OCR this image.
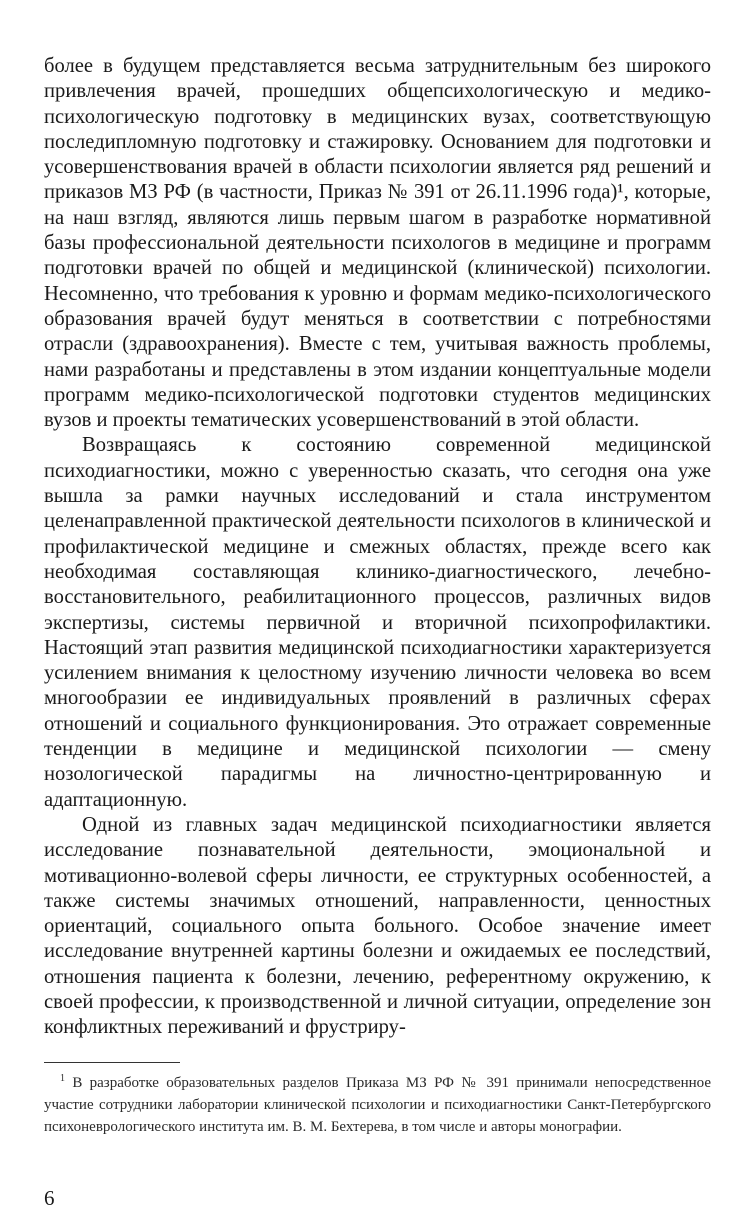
более в будущем представляется весьма затруднительным без широкого привлечения врачей, прошедших общепсихологическую и медико-психологическую подготовку в медицинских вузах, соответствующую последипломную подготовку и стажировку. Основанием для подготовки и усовершенствования врачей в области психологии является ряд решений и приказов МЗ РФ (в частности, Приказ № 391 от 26.11.1996 года)¹, которые, на наш взгляд, являются лишь первым шагом в разработке нормативной базы профессиональной деятельности психологов в медицине и программ подготовки врачей по общей и медицинской (клинической) психологии. Несомненно, что требования к уровню и формам медико-психологического образования врачей будут меняться в соответствии с потребностями отрасли (здравоохранения). Вместе с тем, учитывая важность проблемы, нами разработаны и представлены в этом издании концептуальные модели программ медико-психологической подготовки студентов медицинских вузов и проекты тематических усовершенствований в этой области.

Возвращаясь к состоянию современной медицинской психодиагностики, можно с уверенностью сказать, что сегодня она уже вышла за рамки научных исследований и стала инструментом целенаправленной практической деятельности психологов в клинической и профилактической медицине и смежных областях, прежде всего как необходимая составляющая клинико-диагностического, лечебно-восстановительного, реабилитационного процессов, различных видов экспертизы, системы первичной и вторичной психопрофилактики. Настоящий этап развития медицинской психодиагностики характеризуется усилением внимания к целостному изучению личности человека во всем многообразии ее индивидуальных проявлений в различных сферах отношений и социального функционирования. Это отражает современные тенденции в медицине и медицинской психологии — смену нозологической парадигмы на личностно-центрированную и адаптационную.

Одной из главных задач медицинской психодиагностики является исследование познавательной деятельности, эмоциональной и мотивационно-волевой сферы личности, ее структурных особенностей, а также системы значимых отношений, направленности, ценностных ориентаций, социального опыта больного. Особое значение имеет исследование внутренней картины болезни и ожидаемых ее последствий, отношения пациента к болезни, лечению, референтному окружению, к своей профессии, к производственной и личной ситуации, определение зон конфликтных переживаний и фрустриру-

$^1$ В разработке образовательных разделов Приказа МЗ РФ № 391 принимали непосредственное участие сотрудники лаборатории клинической психологии и психодиагностики Санкт-Петербургского психоневрологического института им. В. М. Бехтерева, в том числе и авторы монографии.

6
